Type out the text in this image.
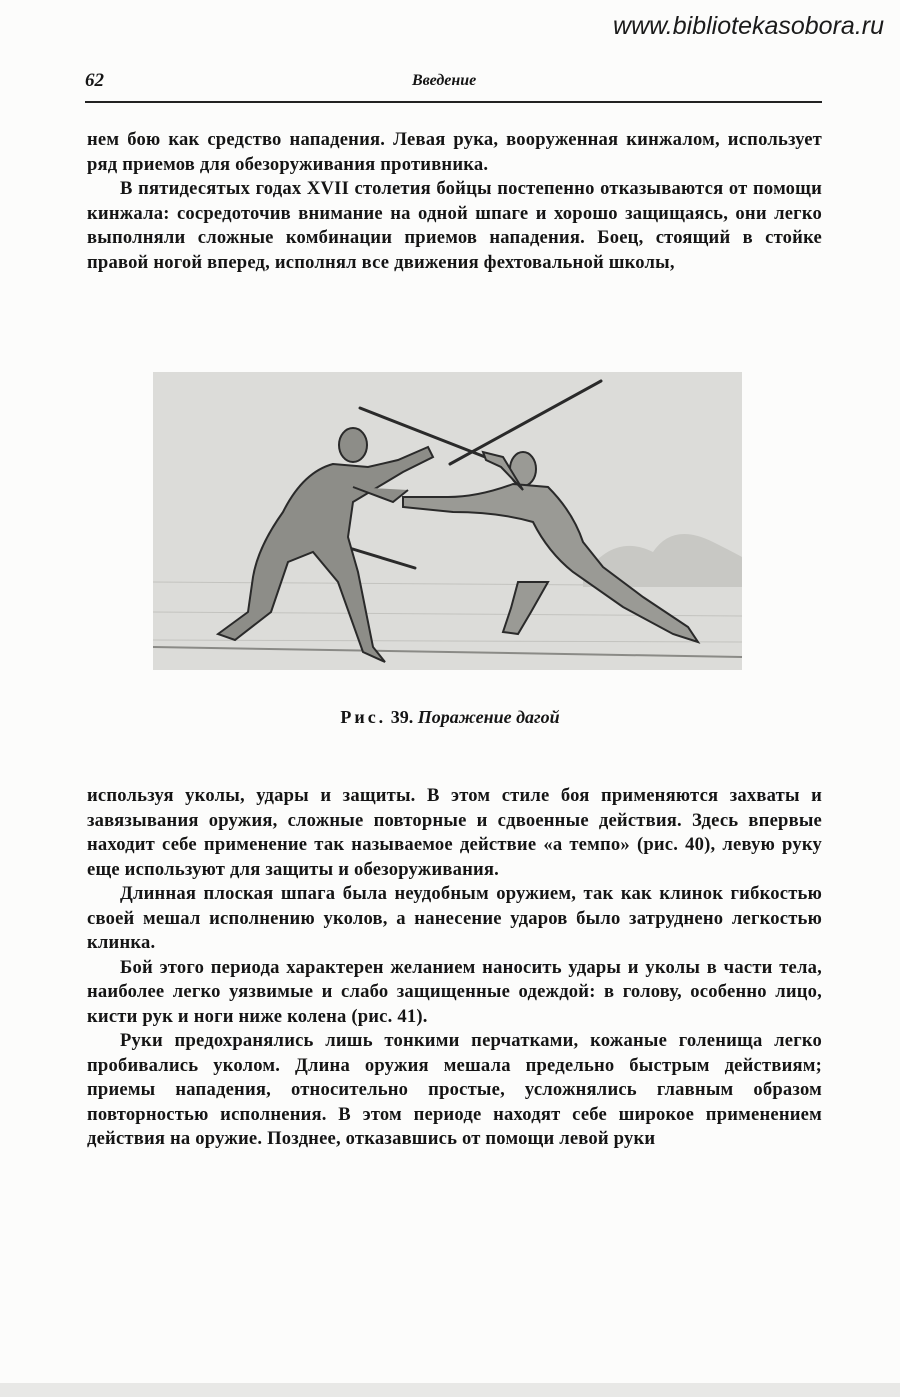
www.bibliotekasobora.ru
62	Введение

нем бою как средство нападения. Левая рука, вооруженная кинжалом, использует ряд приемов для обезоруживания противника.

В пятидесятых годах XVII столетия бойцы постепенно отказываются от помощи кинжала: сосредоточив внимание на одной шпаге и хорошо защищаясь, они легко выполняли сложные комбинации приемов нападения. Боец, стоящий в стойке правой ногой вперед, исполнял все движения фехтовальной школы,

Рис. 39. Поражение дагой

используя уколы, удары и защиты. В этом стиле боя применяются захваты и завязывания оружия, сложные повторные и сдвоенные действия. Здесь впервые находит себе применение так называемое действие «а темпо» (рис. 40), левую руку еще используют для защиты и обезоруживания.

Длинная плоская шпага была неудобным оружием, так как клинок гибкостью своей мешал исполнению уколов, а нанесение ударов было затруднено легкостью клинка.

Бой этого периода характерен желанием наносить удары и уколы в части тела, наиболее легко уязвимые и слабо защищенные одеждой: в голову, особенно лицо, кисти рук и ноги ниже колена (рис. 41).

Руки предохранялись лишь тонкими перчатками, кожаные голенища легко пробивались уколом. Длина оружия мешала предельно быстрым действиям; приемы нападения, относительно простые, усложнялись главным образом повторностью исполнения. В этом периоде находят себе широкое применением действия на оружие. Позднее, отказавшись от помощи левой руки
